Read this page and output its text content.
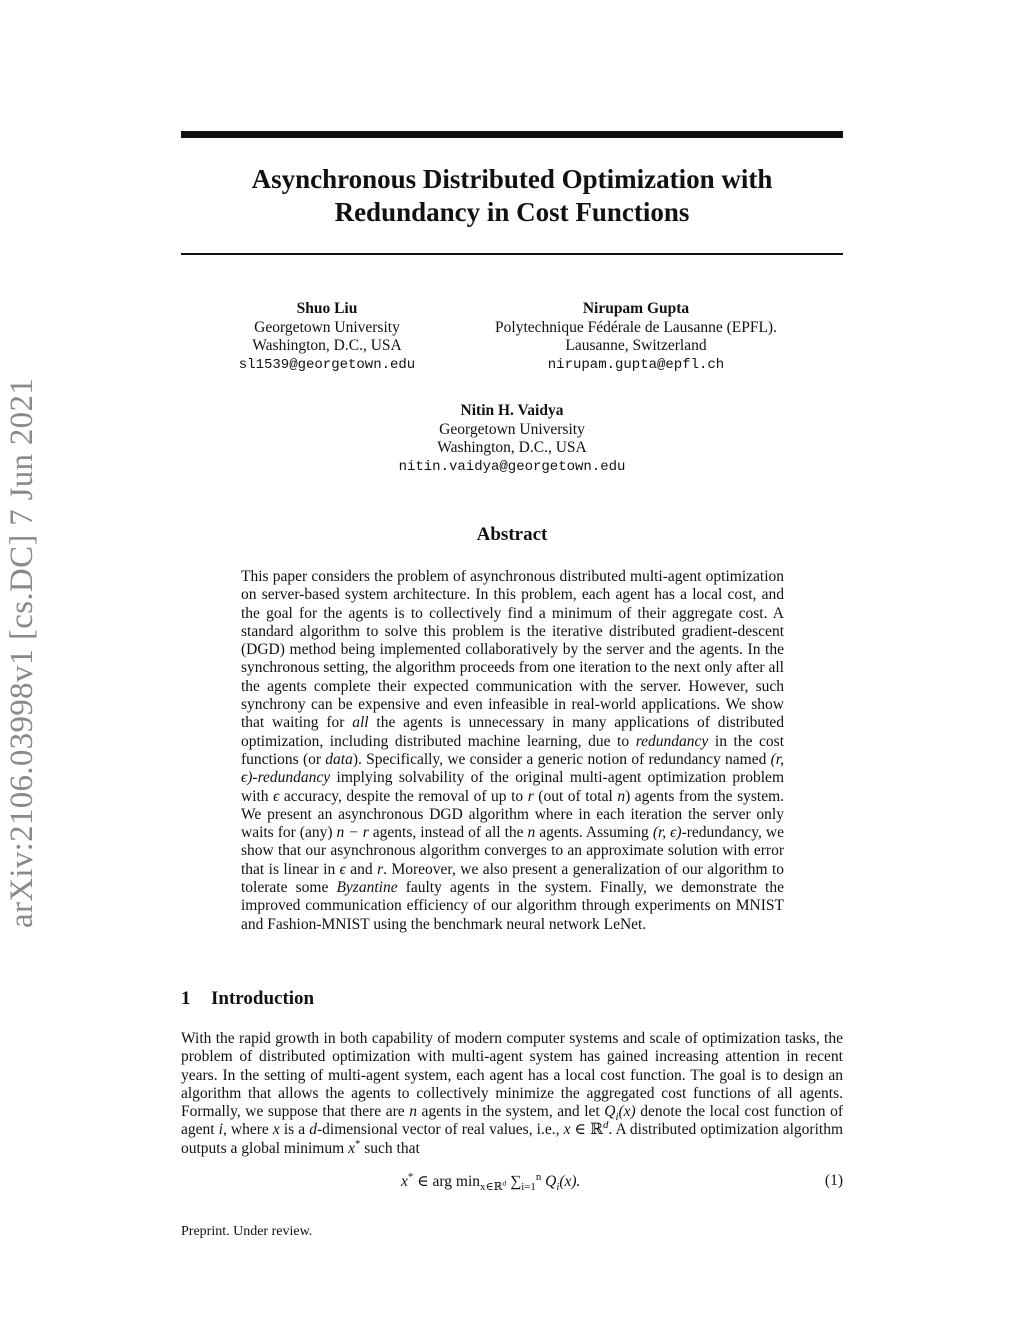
arXiv:2106.03998v1 [cs.DC] 7 Jun 2021
Asynchronous Distributed Optimization with
Redundancy in Cost Functions
Shuo Liu
Georgetown University
Washington, D.C., USA
sl1539@georgetown.edu
Nirupam Gupta
Polytechnique Fédérale de Lausanne (EPFL).
Lausanne, Switzerland
nirupam.gupta@epfl.ch
Nitin H. Vaidya
Georgetown University
Washington, D.C., USA
nitin.vaidya@georgetown.edu
Abstract
This paper considers the problem of asynchronous distributed multi-agent optimization on server-based system architecture. In this problem, each agent has a local cost, and the goal for the agents is to collectively find a minimum of their aggregate cost. A standard algorithm to solve this problem is the iterative distributed gradient-descent (DGD) method being implemented collaboratively by the server and the agents. In the synchronous setting, the algorithm proceeds from one iteration to the next only after all the agents complete their expected communication with the server. However, such synchrony can be expensive and even infeasible in real-world applications. We show that waiting for all the agents is unnecessary in many applications of distributed optimization, including distributed machine learning, due to redundancy in the cost functions (or data). Specifically, we consider a generic notion of redundancy named (r, ϵ)-redundancy implying solvability of the original multi-agent optimization problem with ϵ accuracy, despite the removal of up to r (out of total n) agents from the system. We present an asynchronous DGD algorithm where in each iteration the server only waits for (any) n − r agents, instead of all the n agents. Assuming (r, ϵ)-redundancy, we show that our asynchronous algorithm converges to an approximate solution with error that is linear in ϵ and r. Moreover, we also present a generalization of our algorithm to tolerate some Byzantine faulty agents in the system. Finally, we demonstrate the improved communication efficiency of our algorithm through experiments on MNIST and Fashion-MNIST using the benchmark neural network LeNet.
1 Introduction
With the rapid growth in both capability of modern computer systems and scale of optimization tasks, the problem of distributed optimization with multi-agent system has gained increasing attention in recent years. In the setting of multi-agent system, each agent has a local cost function. The goal is to design an algorithm that allows the agents to collectively minimize the aggregated cost functions of all agents. Formally, we suppose that there are n agents in the system, and let $Q_i(x)$ denote the local cost function of agent i, where x is a d-dimensional vector of real values, i.e., x ∈ ℝ$^d$. A distributed optimization algorithm outputs a global minimum x* such that
x* ∈ arg $\min_{x\in ℝ^d} \sum_{i=1}^n$ $Q_i(x)$.	(1)
Preprint. Under review.
